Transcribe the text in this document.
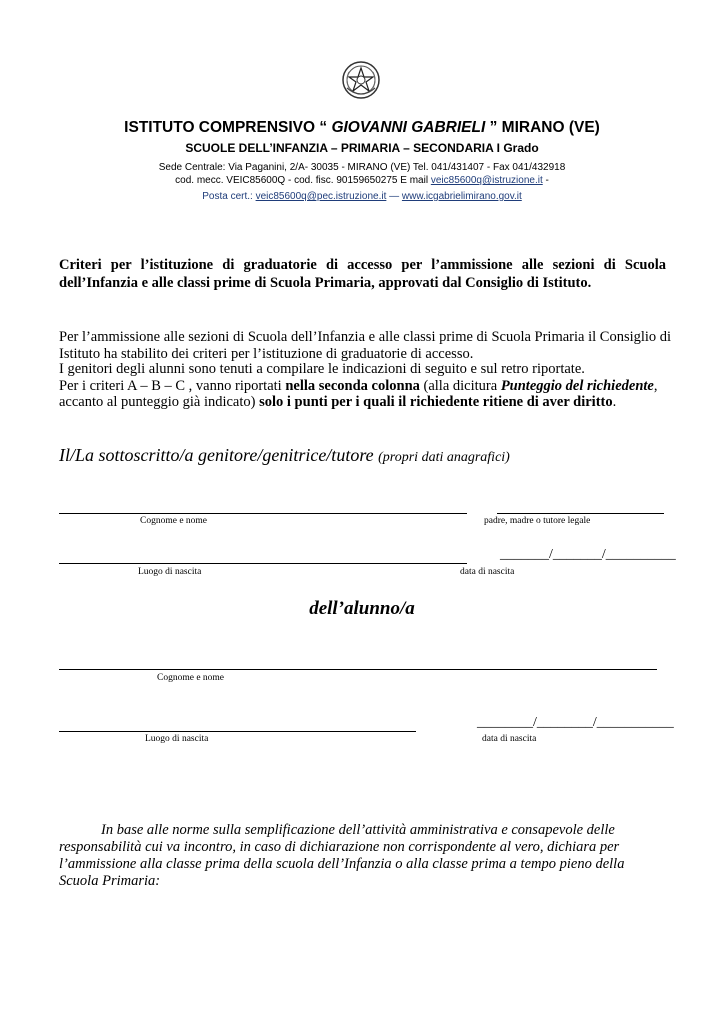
ISTITUTO COMPRENSIVO “ GIOVANNI GABRIELI ” MIRANO (VE)
SCUOLE DELL’INFANZIA – PRIMARIA – SECONDARIA I Grado
Sede Centrale: Via Paganini, 2/A- 30035 - MIRANO (VE) Tel. 041/431407 - Fax 041/432918
cod. mecc. VEIC85600Q - cod. fisc. 90159650275 E mail veic85600q@istruzione.it -
Posta cert.: veic85600q@pec.istruzione.it — www.icgabrielimirano.gov.it
Criteri per l’istituzione di graduatorie di accesso per l’ammissione alle sezioni di Scuola dell’Infanzia e alle classi prime di Scuola Primaria, approvati dal Consiglio di Istituto.
Per l’ammissione alle sezioni di Scuola dell’Infanzia e alle classi prime di Scuola Primaria il Consiglio di Istituto ha stabilito dei criteri per l’istituzione di graduatorie di accesso.
I genitori degli alunni sono tenuti a compilare le indicazioni di seguito e sul retro riportate.
Per i criteri A – B – C , vanno riportati nella seconda colonna (alla dicitura Punteggio del richiedente,
accanto al punteggio già indicato) solo i punti per i quali il richiedente ritiene di aver diritto.
Il/La sottoscritto/a genitore/genitrice/tutore (propri dati anagrafici)
Cognome e nome	padre, madre o tutore legale
Luogo di nascita
_______/_______/__________
data di nascita
dell’alunno/a
Cognome e nome
Luogo di nascita
________/________/___________
data di nascita
In base alle norme sulla semplificazione dell’attività amministrativa e consapevole delle responsabilità cui va incontro, in caso di dichiarazione non corrispondente al vero, dichiara per l’ammissione alla classe prima della scuola dell’Infanzia o alla classe prima a tempo pieno della Scuola Primaria:
